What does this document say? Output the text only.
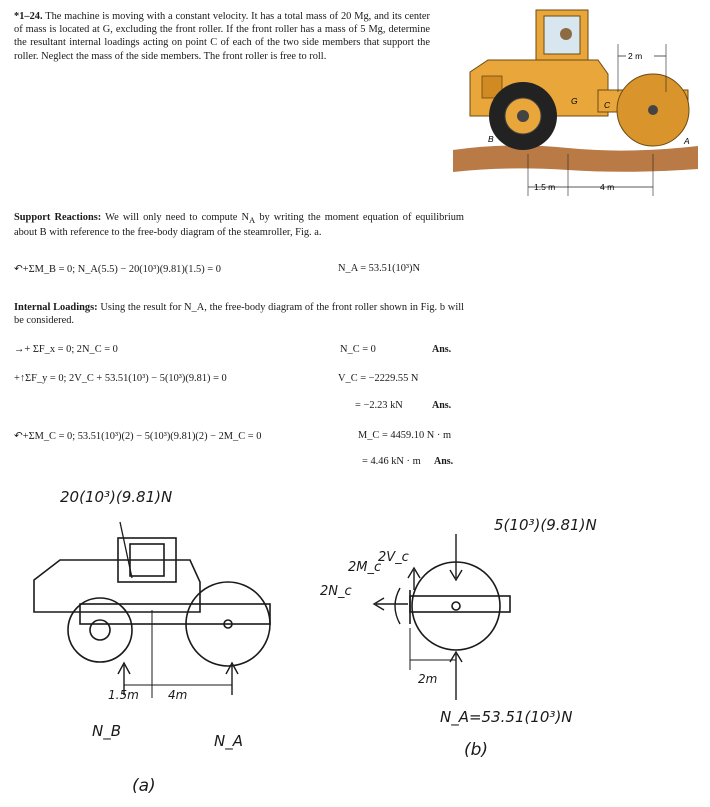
*1–24. The machine is moving with a constant velocity. It has a total mass of 20 Mg, and its center of mass is located at G, excluding the front roller. If the front roller has a mass of 5 Mg, determine the resultant internal loadings acting on point C of each of the two side members that support the roller. Neglect the mass of the side members. The front roller is free to roll.	2 m
1.5 m	4 m
G	C
B	A
Support Reactions: We will only need to compute $N_A$ by writing the moment equation of equilibrium about B with reference to the free-body diagram of the steamroller, Fig. a.
↶+ΣM_B = 0; N_A(5.5) − 20(10³)(9.81)(1.5) = 0	N_A = 53.51(10³)N
Internal Loadings: Using the result for N_A, the free-body diagram of the front roller shown in Fig. b will be considered.
→+ ΣF_x = 0; 2N_C = 0	N_C = 0	Ans.
+↑ΣF_y = 0; 2V_C + 53.51(10³) − 5(10³)(9.81) = 0	V_C = −2229.55 N
= −2.23 kN	Ans.
↶+ΣM_C = 0; 53.51(10³)(2) − 5(10³)(9.81)(2) − 2M_C = 0	M_C = 4459.10 N · m
= 4.46 kN · m Ans.
20(10³)(9.81)N
1.5m 4m
N_B
N_A
(a)
5(10³)(9.81)N
2M_c
2V_c
2N_c
2m
N_A=53.51(10³)N
(b)
